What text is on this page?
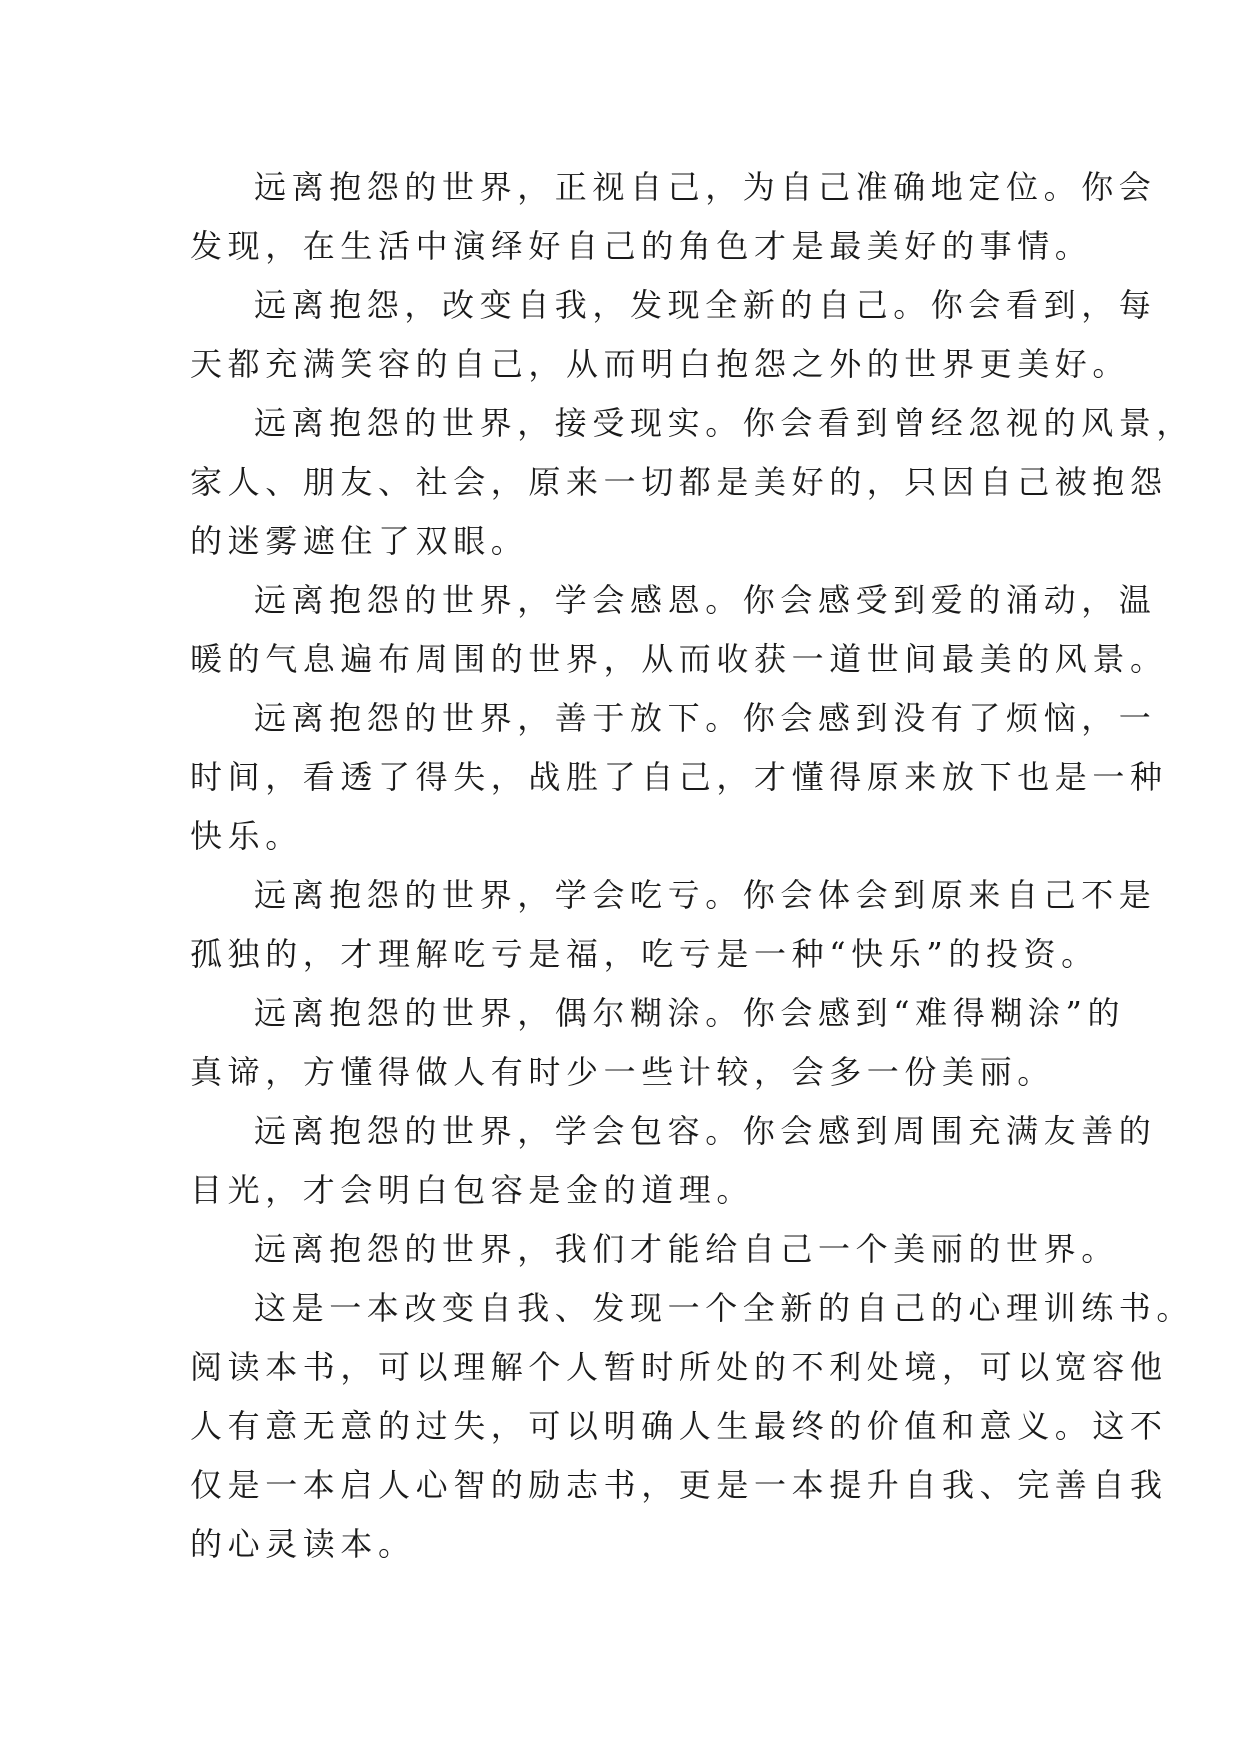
远离抱怨的世界，正视自己，为自己准确地定位。你会
发现，在生活中演绎好自己的角色才是最美好的事情。

远离抱怨，改变自我，发现全新的自己。你会看到，每
天都充满笑容的自己，从而明白抱怨之外的世界更美好。

远离抱怨的世界，接受现实。你会看到曾经忽视的风景，
家人、朋友、社会，原来一切都是美好的，只因自己被抱怨
的迷雾遮住了双眼。

远离抱怨的世界，学会感恩。你会感受到爱的涌动，温
暖的气息遍布周围的世界，从而收获一道世间最美的风景。

远离抱怨的世界，善于放下。你会感到没有了烦恼，一
时间，看透了得失，战胜了自己，才懂得原来放下也是一种
快乐。

远离抱怨的世界，学会吃亏。你会体会到原来自己不是
孤独的，才理解吃亏是福，吃亏是一种“快乐”的投资。

远离抱怨的世界，偶尔糊涂。你会感到“难得糊涂”的
真谛，方懂得做人有时少一些计较，会多一份美丽。

远离抱怨的世界，学会包容。你会感到周围充满友善的
目光，才会明白包容是金的道理。

远离抱怨的世界，我们才能给自己一个美丽的世界。

这是一本改变自我、发现一个全新的自己的心理训练书。
阅读本书，可以理解个人暂时所处的不利处境，可以宽容他
人有意无意的过失，可以明确人生最终的价值和意义。这不
仅是一本启人心智的励志书，更是一本提升自我、完善自我
的心灵读本。
